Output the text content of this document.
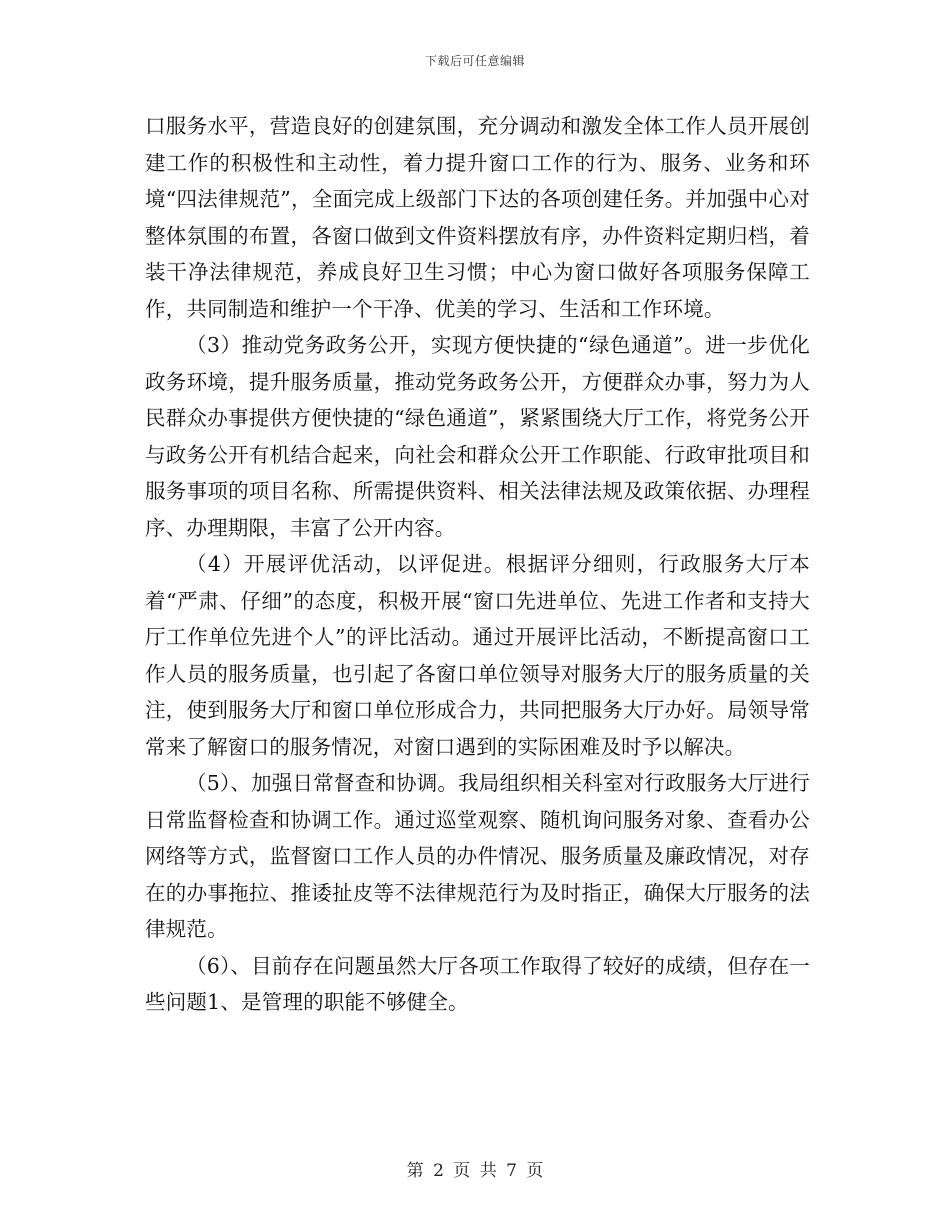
下载后可任意编辑

口服务水平，营造良好的创建氛围，充分调动和激发全体工作人员开展创建工作的积极性和主动性，着力提升窗口工作的行为、服务、业务和环境“四法律规范”，全面完成上级部门下达的各项创建任务。并加强中心对整体氛围的布置，各窗口做到文件资料摆放有序，办件资料定期归档，着装干净法律规范，养成良好卫生习惯；中心为窗口做好各项服务保障工作，共同制造和维护一个干净、优美的学习、生活和工作环境。

（3）推动党务政务公开，实现方便快捷的“绿色通道”。进一步优化政务环境，提升服务质量，推动党务政务公开，方便群众办事，努力为人民群众办事提供方便快捷的“绿色通道”，紧紧围绕大厅工作，将党务公开与政务公开有机结合起来，向社会和群众公开工作职能、行政审批项目和服务事项的项目名称、所需提供资料、相关法律法规及政策依据、办理程序、办理期限，丰富了公开内容。

（4）开展评优活动，以评促进。根据评分细则，行政服务大厅本着“严肃、仔细”的态度，积极开展“窗口先进单位、先进工作者和支持大厅工作单位先进个人”的评比活动。通过开展评比活动，不断提高窗口工作人员的服务质量，也引起了各窗口单位领导对服务大厅的服务质量的关注，使到服务大厅和窗口单位形成合力，共同把服务大厅办好。局领导常常来了解窗口的服务情况，对窗口遇到的实际困难及时予以解决。

（5）、加强日常督查和协调。我局组织相关科室对行政服务大厅进行日常监督检查和协调工作。通过巡堂观察、随机询问服务对象、查看办公网络等方式，监督窗口工作人员的办件情况、服务质量及廉政情况，对存在的办事拖拉、推诿扯皮等不法律规范行为及时指正，确保大厅服务的法律规范。

（6）、目前存在问题虽然大厅各项工作取得了较好的成绩，但存在一些问题1、是管理的职能不够健全。

第 2 页 共 7 页
